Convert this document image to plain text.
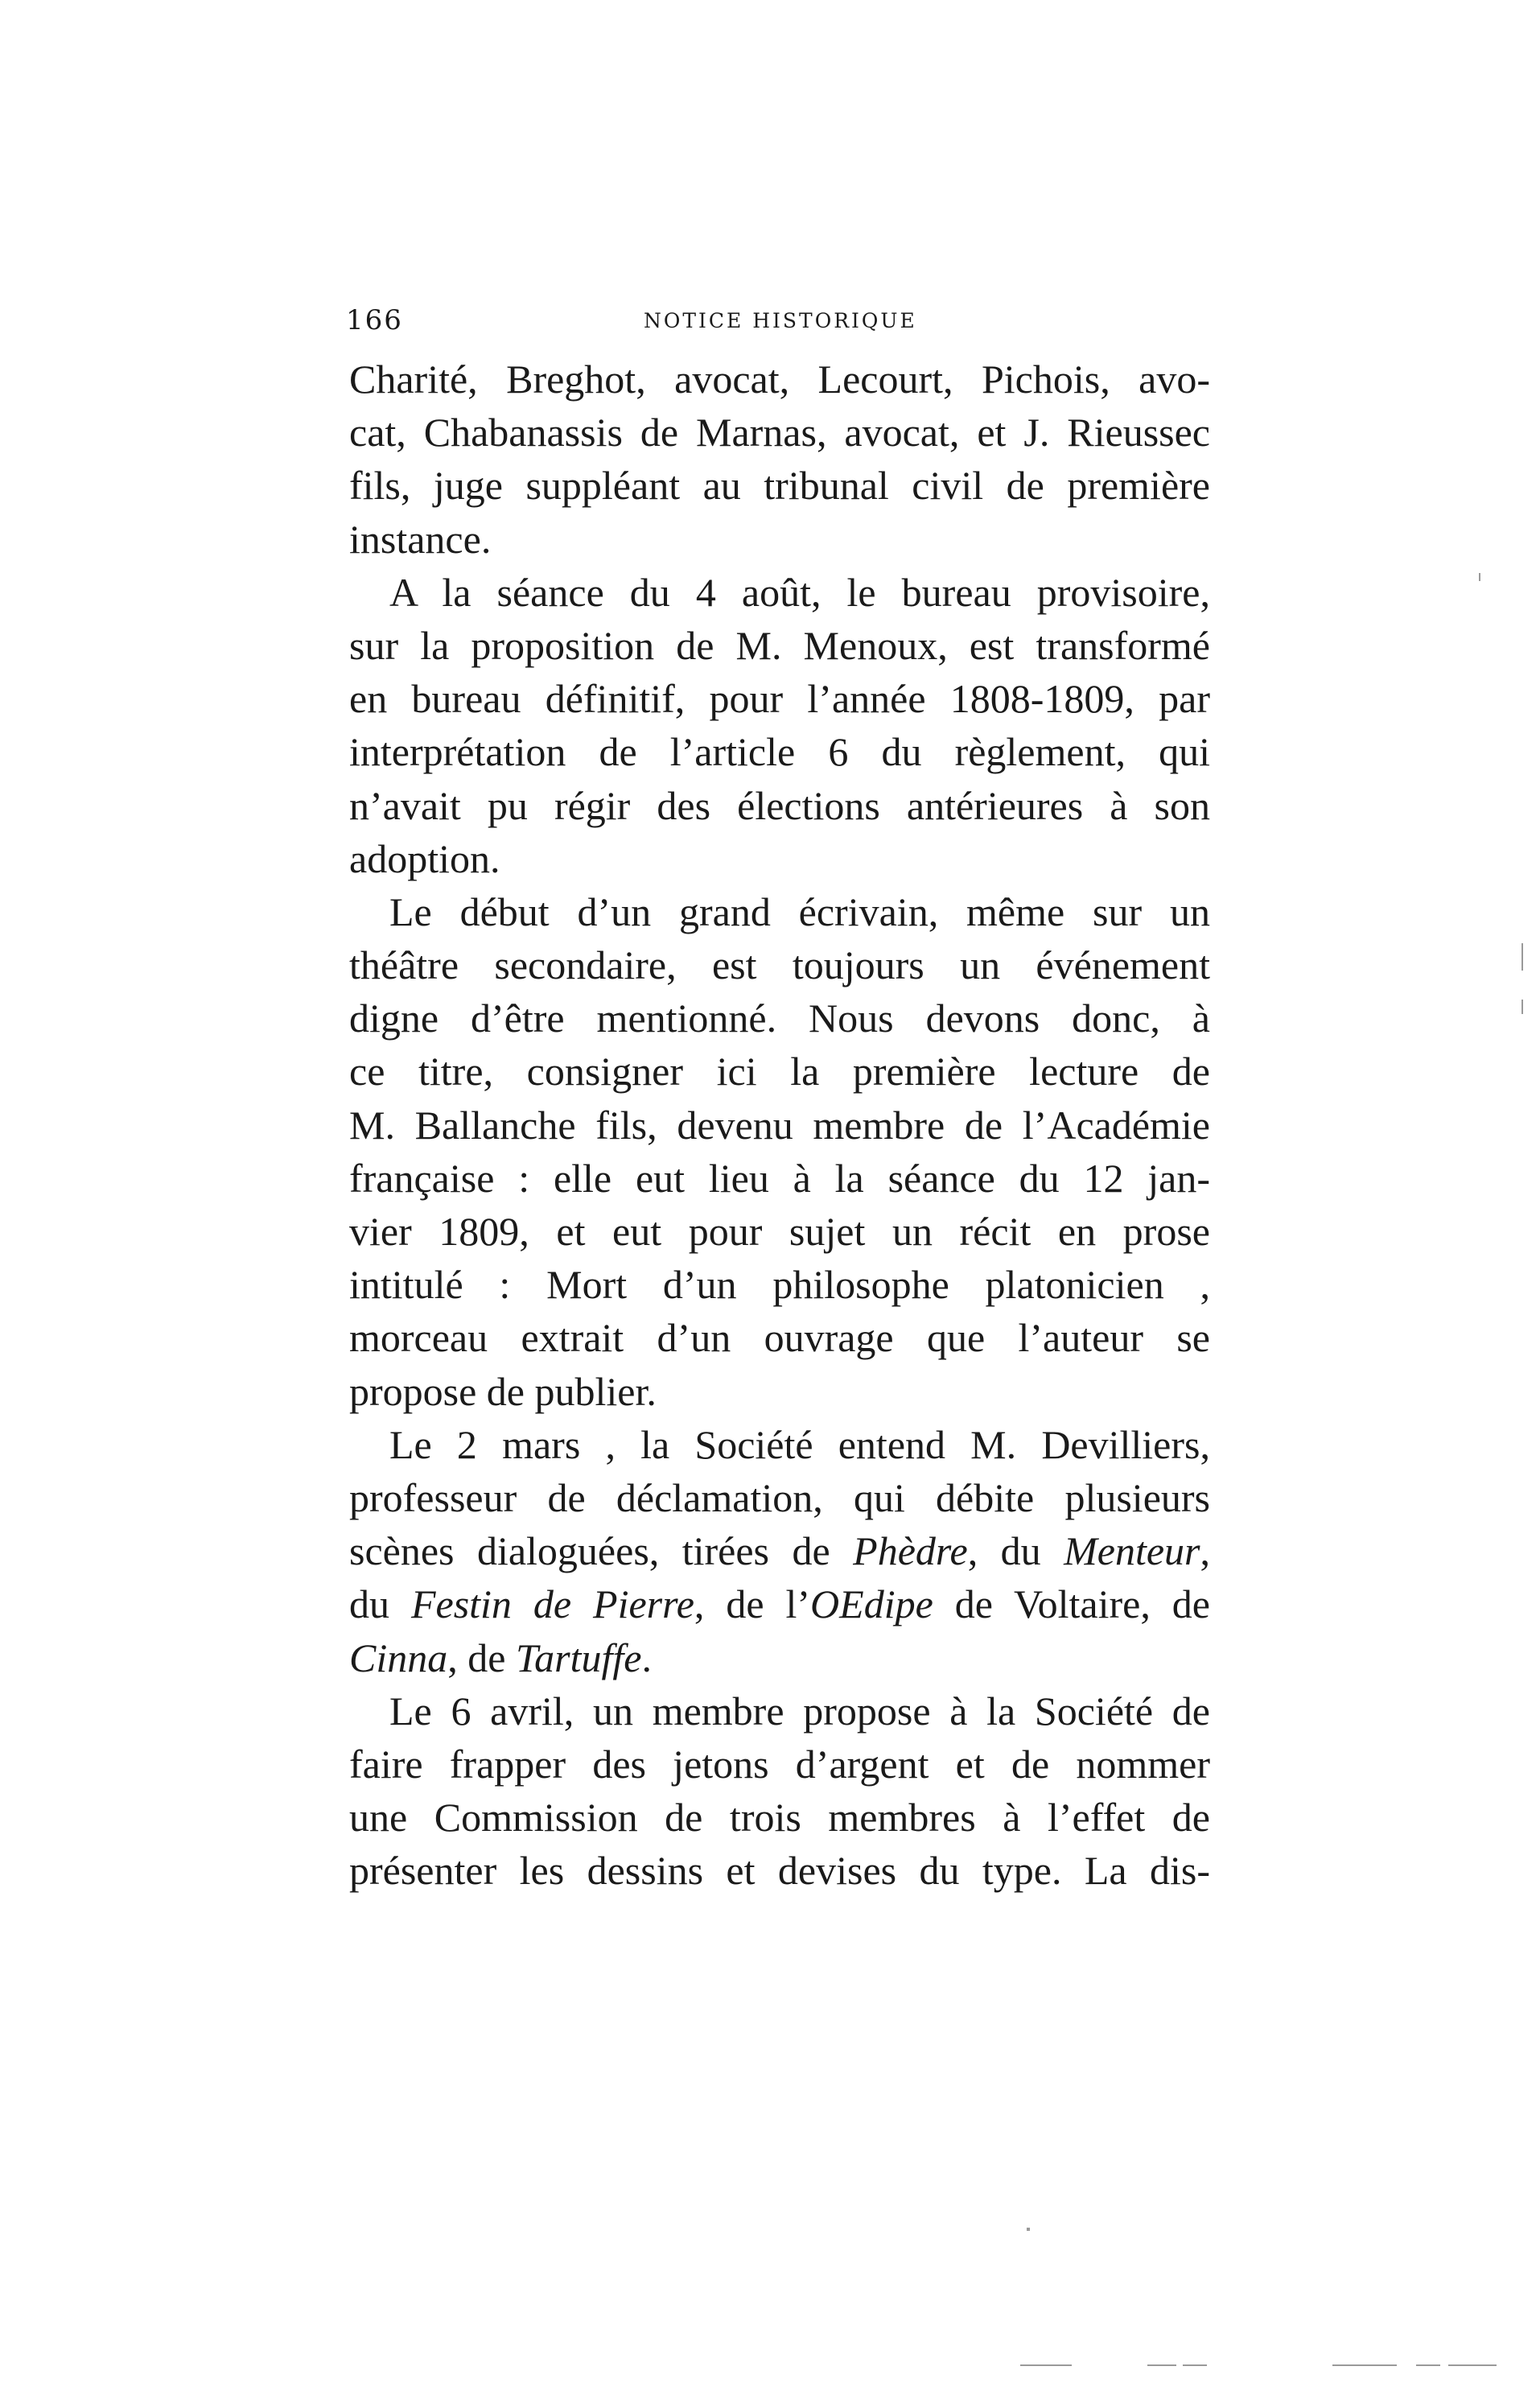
166	NOTICE HISTORIQUE
Charité, Breghot, avocat, Lecourt, Pichois, avo-
cat, Chabanassis de Marnas, avocat, et J. Rieussec
fils, juge suppléant au tribunal civil de première
instance.
A la séance du 4 août, le bureau provisoire,
sur la proposition de M. Menoux, est transformé
en bureau définitif, pour l’année 1808-1809, par
interprétation de l’article 6 du règlement, qui
n’avait pu régir des élections antérieures à son
adoption.
Le début d’un grand écrivain, même sur un
théâtre secondaire, est toujours un événement
digne d’être mentionné. Nous devons donc, à
ce titre, consigner ici la première lecture de
M. Ballanche fils, devenu membre de l’Académie
française : elle eut lieu à la séance du 12 jan-
vier 1809, et eut pour sujet un récit en prose
intitulé : Mort d’un philosophe platonicien ,
morceau extrait d’un ouvrage que l’auteur se
propose de publier.
Le 2 mars , la Société entend M. Devilliers,
professeur de déclamation, qui débite plusieurs
scènes dialoguées, tirées de Phèdre, du Menteur,
du Festin de Pierre, de l’OEdipe de Voltaire, de
Cinna, de Tartuffe.
Le 6 avril, un membre propose à la Société de
faire frapper des jetons d’argent et de nommer
une Commission de trois membres à l’effet de
présenter les dessins et devises du type. La dis-
